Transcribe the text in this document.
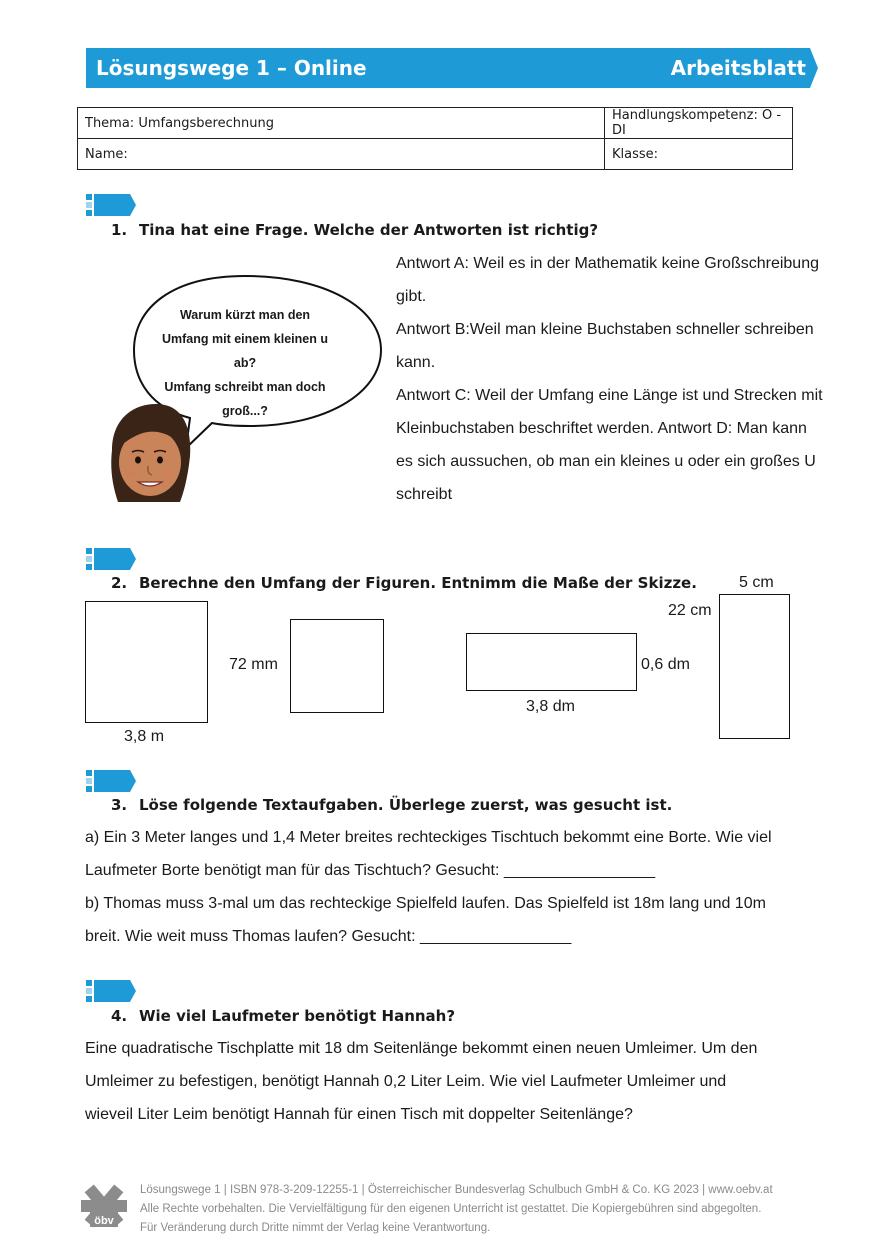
Lösungswege 1 – Online	Arbeitsblatt
Thema: Umfangsberechnung	Handlungskompetenz: O - DI
Name:	Klasse:
1. Tina hat eine Frage. Welche der Antworten ist richtig?
Warum kürzt man den
Umfang mit einem kleinen u ab?
Umfang schreibt man doch
groß...?
Antwort A: Weil es in der Mathematik keine Großschreibung
gibt.
Antwort B:Weil man kleine Buchstaben schneller schreiben
kann.
Antwort C: Weil der Umfang eine Länge ist und Strecken mit
Kleinbuchstaben beschriftet werden. Antwort D: Man kann
es sich aussuchen, ob man ein kleines u oder ein großes U
schreibt
2. Berechne den Umfang der Figuren. Entnimm die Maße der Skizze.
3,8 m
72 mm
3,8 dm
0,6 dm
5 cm
22 cm
3. Löse folgende Textaufgaben. Überlege zuerst, was gesucht ist.
a) Ein 3 Meter langes und 1,4 Meter breites rechteckiges Tischtuch bekommt eine Borte. Wie viel
Laufmeter Borte benötigt man für das Tischtuch? Gesucht: _________________
b) Thomas muss 3-mal um das rechteckige Spielfeld laufen. Das Spielfeld ist 18m lang und 10m
breit. Wie weit muss Thomas laufen? Gesucht: _________________
4. Wie viel Laufmeter benötigt Hannah?
Eine quadratische Tischplatte mit 18 dm Seitenlänge bekommt einen neuen Umleimer. Um den
Umleimer zu befestigen, benötigt Hannah 0,2 Liter Leim. Wie viel Laufmeter Umleimer und
wieveil Liter Leim benötigt Hannah für einen Tisch mit doppelter Seitenlänge?
öbv
Lösungswege 1 | ISBN 978-3-209-12255-1 | Österreichischer Bundesverlag Schulbuch GmbH & Co. KG 2023 | www.oebv.at
Alle Rechte vorbehalten. Die Vervielfältigung für den eigenen Unterricht ist gestattet. Die Kopiergebühren sind abgegolten.
Für Veränderung durch Dritte nimmt der Verlag keine Verantwortung.
